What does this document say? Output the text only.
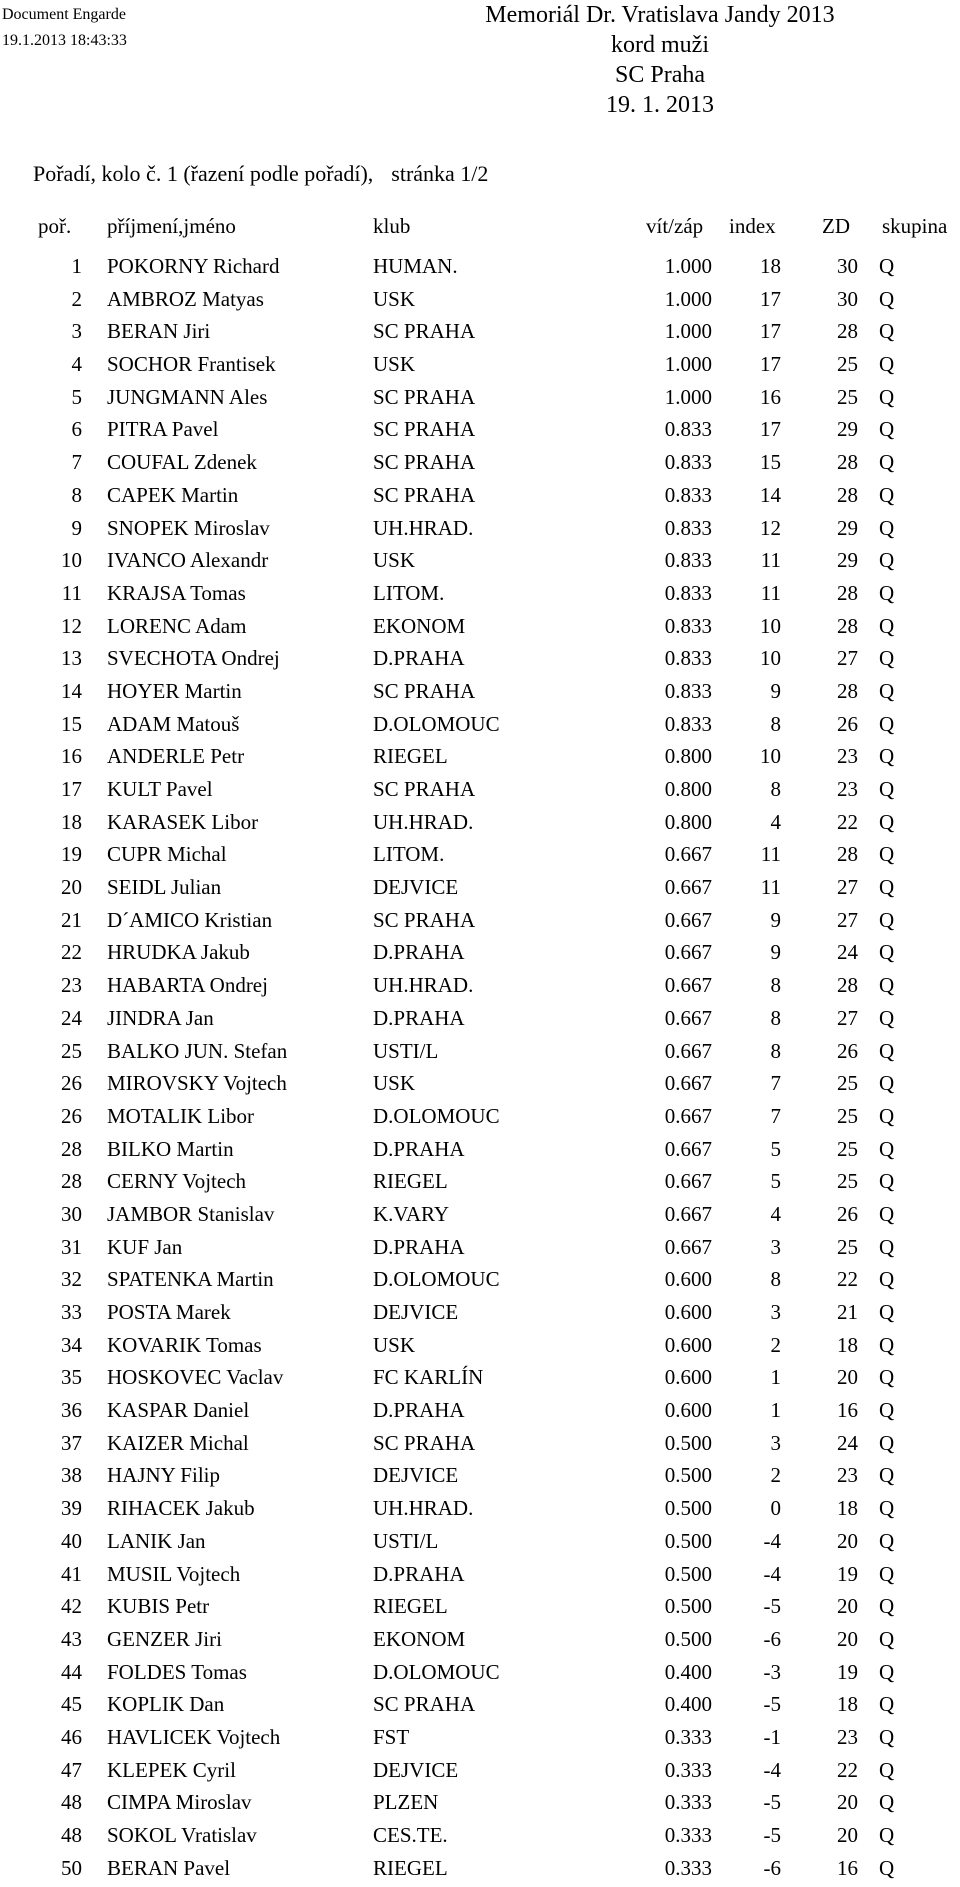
Document Engarde
19.1.2013 18:43:33
Memoriál Dr. Vratislava Jandy 2013
kord muži
SC Praha
19. 1. 2013
Pořadí, kolo č. 1 (řazení podle pořadí), stránka 1/2
poř. příjmení,jméno	klub	vít/záp index ZD skupina
1 POKORNY Richard	HUMAN.	1.000	18	30 Q
2 AMBROZ Matyas	USK	1.000	17	30 Q
3 BERAN Jiri	SC PRAHA	1.000	17	28 Q
4 SOCHOR Frantisek	USK	1.000	17	25 Q
5 JUNGMANN Ales	SC PRAHA	1.000	16	25 Q
6 PITRA Pavel	SC PRAHA	0.833	17	29 Q
7 COUFAL Zdenek	SC PRAHA	0.833	15	28 Q
8 CAPEK Martin	SC PRAHA	0.833	14	28 Q
9 SNOPEK Miroslav	UH.HRAD.	0.833	12	29 Q
10 IVANCO Alexandr	USK	0.833	11	29 Q
11 KRAJSA Tomas	LITOM.	0.833	11	28 Q
12 LORENC Adam	EKONOM	0.833	10	28 Q
13 SVECHOTA Ondrej	D.PRAHA	0.833	10	27 Q
14 HOYER Martin	SC PRAHA	0.833	9	28 Q
15 ADAM Matouš	D.OLOMOUC	0.833	8	26 Q
16 ANDERLE Petr	RIEGEL	0.800	10	23 Q
17 KULT Pavel	SC PRAHA	0.800	8	23 Q
18 KARASEK Libor	UH.HRAD.	0.800	4	22 Q
19 CUPR Michal	LITOM.	0.667	11	28 Q
20 SEIDL Julian	DEJVICE	0.667	11	27 Q
21 D´AMICO Kristian	SC PRAHA	0.667	9	27 Q
22 HRUDKA Jakub	D.PRAHA	0.667	9	24 Q
23 HABARTA Ondrej	UH.HRAD.	0.667	8	28 Q
24 JINDRA Jan	D.PRAHA	0.667	8	27 Q
25 BALKO JUN. Stefan	USTI/L	0.667	8	26 Q
26 MIROVSKY Vojtech	USK	0.667	7	25 Q
26 MOTALIK Libor	D.OLOMOUC	0.667	7	25 Q
28 BILKO Martin	D.PRAHA	0.667	5	25 Q
28 CERNY Vojtech	RIEGEL	0.667	5	25 Q
30 JAMBOR Stanislav	K.VARY	0.667	4	26 Q
31 KUF Jan	D.PRAHA	0.667	3	25 Q
32 SPATENKA Martin	D.OLOMOUC	0.600	8	22 Q
33 POSTA Marek	DEJVICE	0.600	3	21 Q
34 KOVARIK Tomas	USK	0.600	2	18 Q
35 HOSKOVEC Vaclav	FC KARLÍN	0.600	1	20 Q
36 KASPAR Daniel	D.PRAHA	0.600	1	16 Q
37 KAIZER Michal	SC PRAHA	0.500	3	24 Q
38 HAJNY Filip	DEJVICE	0.500	2	23 Q
39 RIHACEK Jakub	UH.HRAD.	0.500	0	18 Q
40 LANIK Jan	USTI/L	0.500	-4	20 Q
41 MUSIL Vojtech	D.PRAHA	0.500	-4	19 Q
42 KUBIS Petr	RIEGEL	0.500	-5	20 Q
43 GENZER Jiri	EKONOM	0.500	-6	20 Q
44 FOLDES Tomas	D.OLOMOUC	0.400	-3	19 Q
45 KOPLIK Dan	SC PRAHA	0.400	-5	18 Q
46 HAVLICEK Vojtech	FST	0.333	-1	23 Q
47 KLEPEK Cyril	DEJVICE	0.333	-4	22 Q
48 CIMPA Miroslav	PLZEN	0.333	-5	20 Q
48 SOKOL Vratislav	CES.TE.	0.333	-5	20 Q
50 BERAN Pavel	RIEGEL	0.333	-6	16 Q
